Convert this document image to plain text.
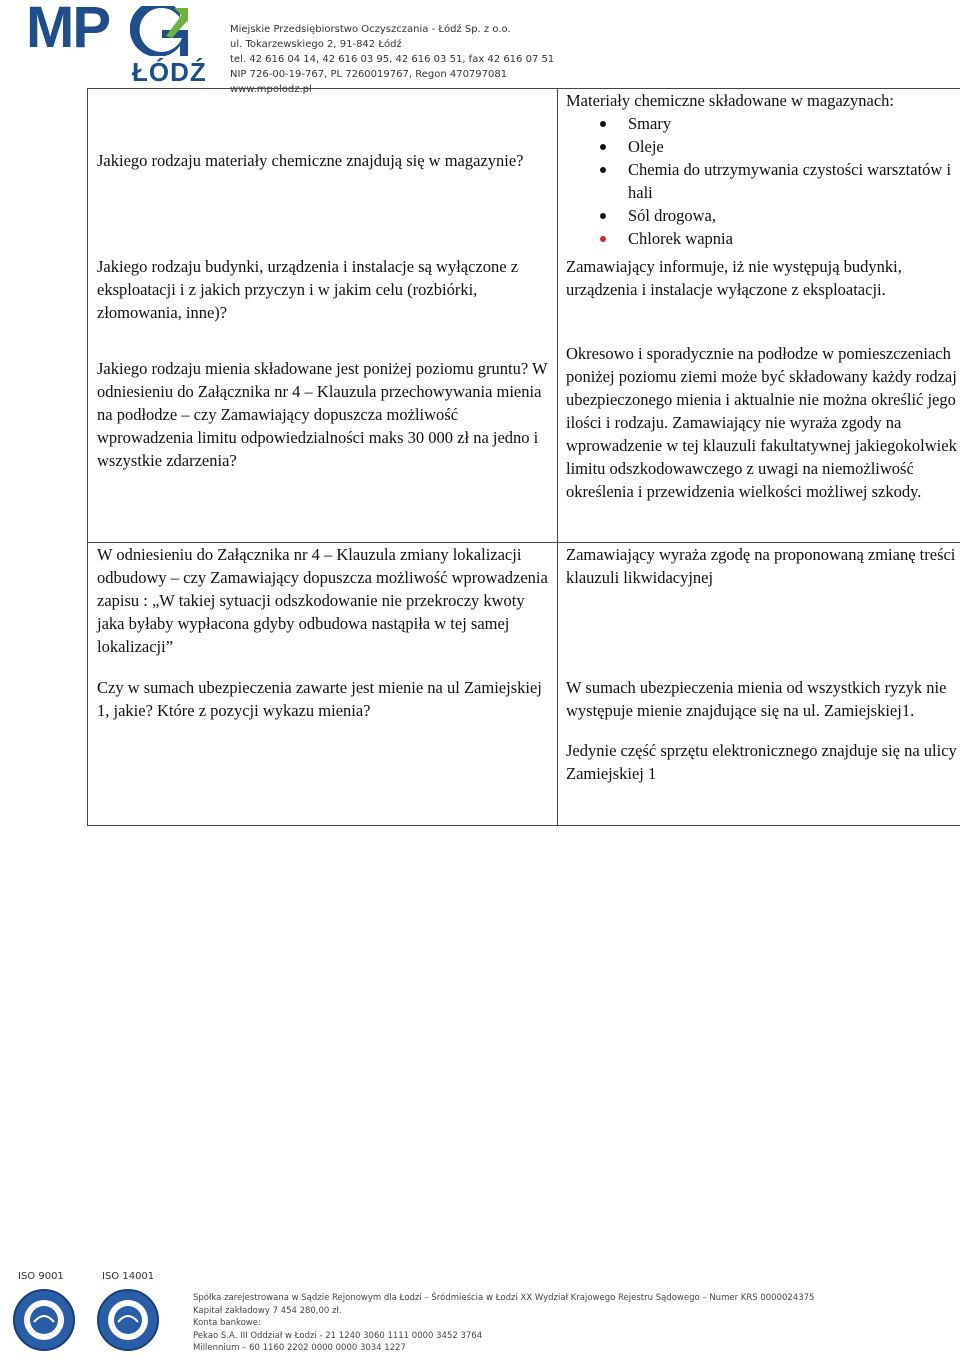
MP
ŁÓDŹ
Miejskie Przedsiębiorstwo Oczyszczania - Łódź Sp. z o.o.
ul. Tokarzewskiego 2, 91-842 Łódź
tel. 42 616 04 14, 42 616 03 95, 42 616 03 51, fax 42 616 07 51
NIP 726-00-19-767, PL 7260019767, Regon 470797081
www.mpolodz.pl

Jakiego rodzaju materiały chemiczne znajdują się w magazynie?

Materiały chemiczne składowane w magazynach:

Smary
Oleje
Chemia do utrzymywania czystości warsztatów i hali
Sól drogowa,
Chlorek wapnia

Jakiego rodzaju budynki, urządzenia i instalacje są wyłączone z eksploatacji i z jakich przyczyn i w jakim celu (rozbiórki, złomowania, inne)?

Zamawiający informuje, iż nie występują budynki, urządzenia i instalacje wyłączone z eksploatacji.

Jakiego rodzaju mienia składowane jest poniżej poziomu gruntu? W odniesieniu do Załącznika nr 4 – Klauzula przechowywania mienia na podłodze – czy Zamawiający dopuszcza możliwość wprowadzenia limitu odpowiedzialności maks 30 000 zł na jedno i wszystkie zdarzenia?

Okresowo i sporadycznie na podłodze w pomieszczeniach poniżej poziomu ziemi może być składowany każdy rodzaj ubezpieczonego mienia i aktualnie nie można określić jego ilości i rodzaju. Zamawiający nie wyraża zgody na wprowadzenie w tej klauzuli fakultatywnej jakiegokolwiek limitu odszkodowawczego z uwagi na niemożliwość określenia i przewidzenia wielkości możliwej szkody.

W odniesieniu do Załącznika nr 4 – Klauzula zmiany lokalizacji odbudowy – czy Zamawiający dopuszcza możliwość wprowadzenia zapisu : „W takiej sytuacji odszkodowanie nie przekroczy kwoty jaka byłaby wypłacona gdyby odbudowa nastąpiła w tej samej lokalizacji”

Zamawiający wyraża zgodę na proponowaną zmianę treści klauzuli likwidacyjnej

Czy w sumach ubezpieczenia zawarte jest mienie na ul Zamiejskiej 1, jakie? Które z pozycji wykazu mienia?

W sumach ubezpieczenia mienia od wszystkich ryzyk nie występuje mienie znajdujące się na ul. Zamiejskiej1.

Jedynie część sprzętu elektronicznego znajduje się na ulicy Zamiejskiej 1

ISO 9001	ISO 14001
Spółka zarejestrowana w Sądzie Rejonowym dla Łodzi – Śródmieścia w Łodzi XX Wydział Krajowego Rejestru Sądowego – Numer KRS 0000024375
Kapitał zakładowy 7 454 280,00 zł.
Konta bankowe:
Pekao S.A. III Oddział w Łodzi - 21 1240 3060 1111 0000 3452 3764
Millennium – 60 1160 2202 0000 0000 3034 1227
